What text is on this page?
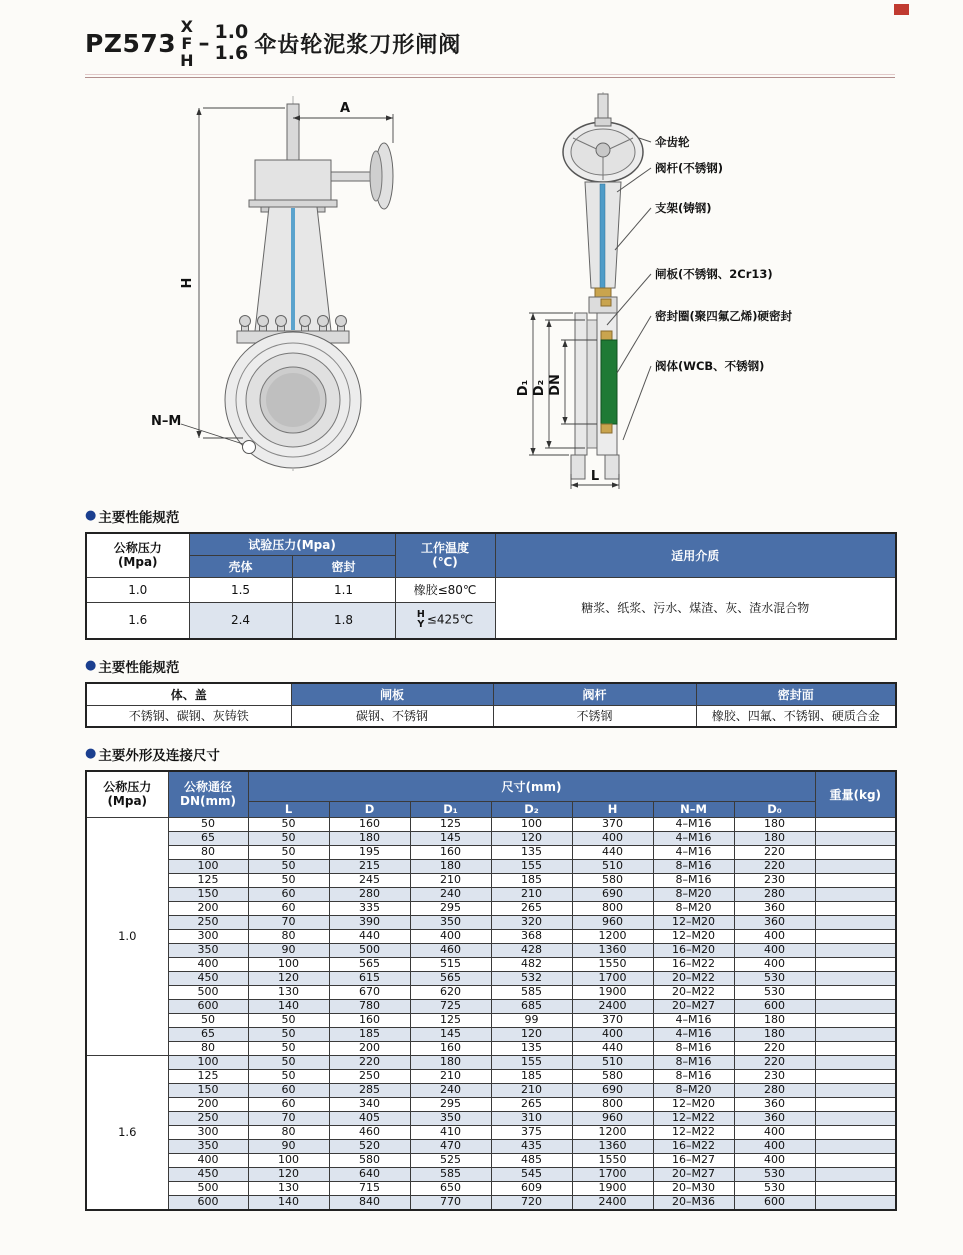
PZ573
X
F
H
– 1.0
1.6 伞齿轮泥浆刀形闸阀
A
H
N–M
D₁ D₂ DN
L
伞齿轮
阀杆(不锈钢)
支架(铸钢)
闸板(不锈钢、2Cr13)
密封圈(聚四氟乙烯)硬密封
阀体(WCB、不锈钢)
● 主要性能规范
公称压力
(Mpa)	试验压力(Mpa)		工作温度
(℃)	适用介质
	壳体	密封		
1.0	1.5	1.1	橡胶≤80℃	糖浆、纸浆、污水、煤渣、灰、渣水混合物
1.6	2.4	1.8	H
Y ≤425℃	
● 主要性能规范
体、盖	闸板	阀杆	密封面
不锈钢、碳钢、灰铸铁	碳钢、不锈钢	不锈钢	橡胶、四氟、不锈钢、硬质合金
● 主要外形及连接尺寸
公称压力
(Mpa)	公称通径
DN(mm)	尺寸(mm)							重量(kg)
		L	D	D₁	D₂	H	N–M	D₀	
1.0	50	50	160	125	100	370	4–M16	180	
	65	50	180	145	120	400	4–M16	180	
	80	50	195	160	135	440	4–M16	220	
	100	50	215	180	155	510	8–M16	220	
	125	50	245	210	185	580	8–M16	230	
	150	60	280	240	210	690	8–M20	280	
	200	60	335	295	265	800	8–M20	360	
	250	70	390	350	320	960	12–M20	360	
	300	80	440	400	368	1200	12–M20	400	
	350	90	500	460	428	1360	16–M20	400	
	400	100	565	515	482	1550	16–M22	400	
	450	120	615	565	532	1700	20–M22	530	
	500	130	670	620	585	1900	20–M22	530	
	600	140	780	725	685	2400	20–M27	600	
	50	50	160	125	99	370	4–M16	180	
	65	50	185	145	120	400	4–M16	180	
	80	50	200	160	135	440	8–M16	220	
1.6	100	50	220	180	155	510	8–M16	220	
	125	50	250	210	185	580	8–M16	230	
	150	60	285	240	210	690	8–M20	280	
	200	60	340	295	265	800	12–M20	360	
	250	70	405	350	310	960	12–M22	360	
	300	80	460	410	375	1200	12–M22	400	
	350	90	520	470	435	1360	16–M22	400	
	400	100	580	525	485	1550	16–M27	400	
	450	120	640	585	545	1700	20–M27	530	
	500	130	715	650	609	1900	20–M30	530	
	600	140	840	770	720	2400	20–M36	600	
